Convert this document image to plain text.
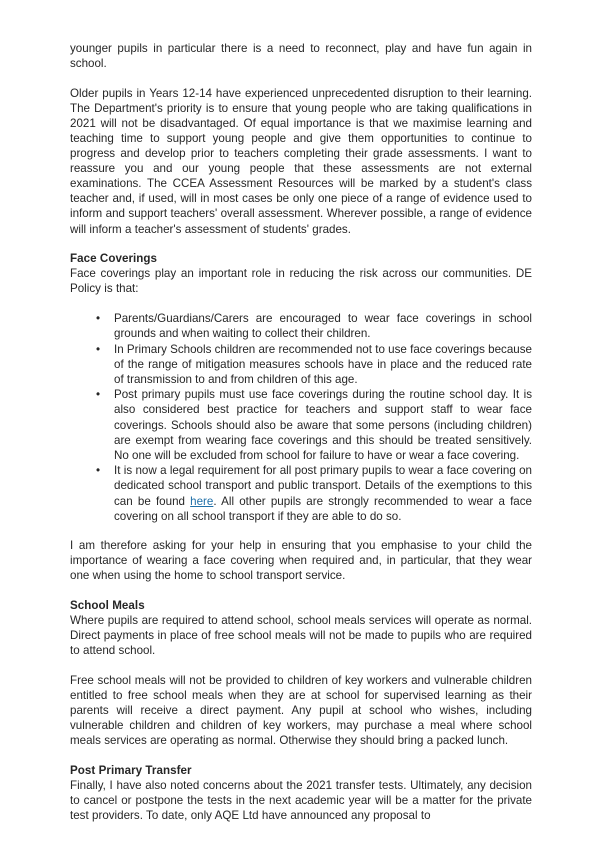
younger pupils in particular there is a need to reconnect, play and have fun again in school.

Older pupils in Years 12-14 have experienced unprecedented disruption to their learning. The Department's priority is to ensure that young people who are taking qualifications in 2021 will not be disadvantaged. Of equal importance is that we maximise learning and teaching time to support young people and give them opportunities to continue to progress and develop prior to teachers completing their grade assessments. I want to reassure you and our young people that these assessments are not external examinations. The CCEA Assessment Resources will be marked by a student's class teacher and, if used, will in most cases be only one piece of a range of evidence used to inform and support teachers' overall assessment. Wherever possible, a range of evidence will inform a teacher's assessment of students' grades.

Face Coverings

Face coverings play an important role in reducing the risk across our communities. DE Policy is that:

• Parents/Guardians/Carers are encouraged to wear face coverings in school grounds and when waiting to collect their children.
• In Primary Schools children are recommended not to use face coverings because of the range of mitigation measures schools have in place and the reduced rate of transmission to and from children of this age.
• Post primary pupils must use face coverings during the routine school day. It is also considered best practice for teachers and support staff to wear face coverings. Schools should also be aware that some persons (including children) are exempt from wearing face coverings and this should be treated sensitively. No one will be excluded from school for failure to have or wear a face covering.
• It is now a legal requirement for all post primary pupils to wear a face covering on dedicated school transport and public transport. Details of the exemptions to this can be found here. All other pupils are strongly recommended to wear a face covering on all school transport if they are able to do so.

I am therefore asking for your help in ensuring that you emphasise to your child the importance of wearing a face covering when required and, in particular, that they wear one when using the home to school transport service.

School Meals

Where pupils are required to attend school, school meals services will operate as normal. Direct payments in place of free school meals will not be made to pupils who are required to attend school.

Free school meals will not be provided to children of key workers and vulnerable children entitled to free school meals when they are at school for supervised learning as their parents will receive a direct payment. Any pupil at school who wishes, including vulnerable children and children of key workers, may purchase a meal where school meals services are operating as normal. Otherwise they should bring a packed lunch.

Post Primary Transfer

Finally, I have also noted concerns about the 2021 transfer tests. Ultimately, any decision to cancel or postpone the tests in the next academic year will be a matter for the private test providers. To date, only AQE Ltd have announced any proposal to
